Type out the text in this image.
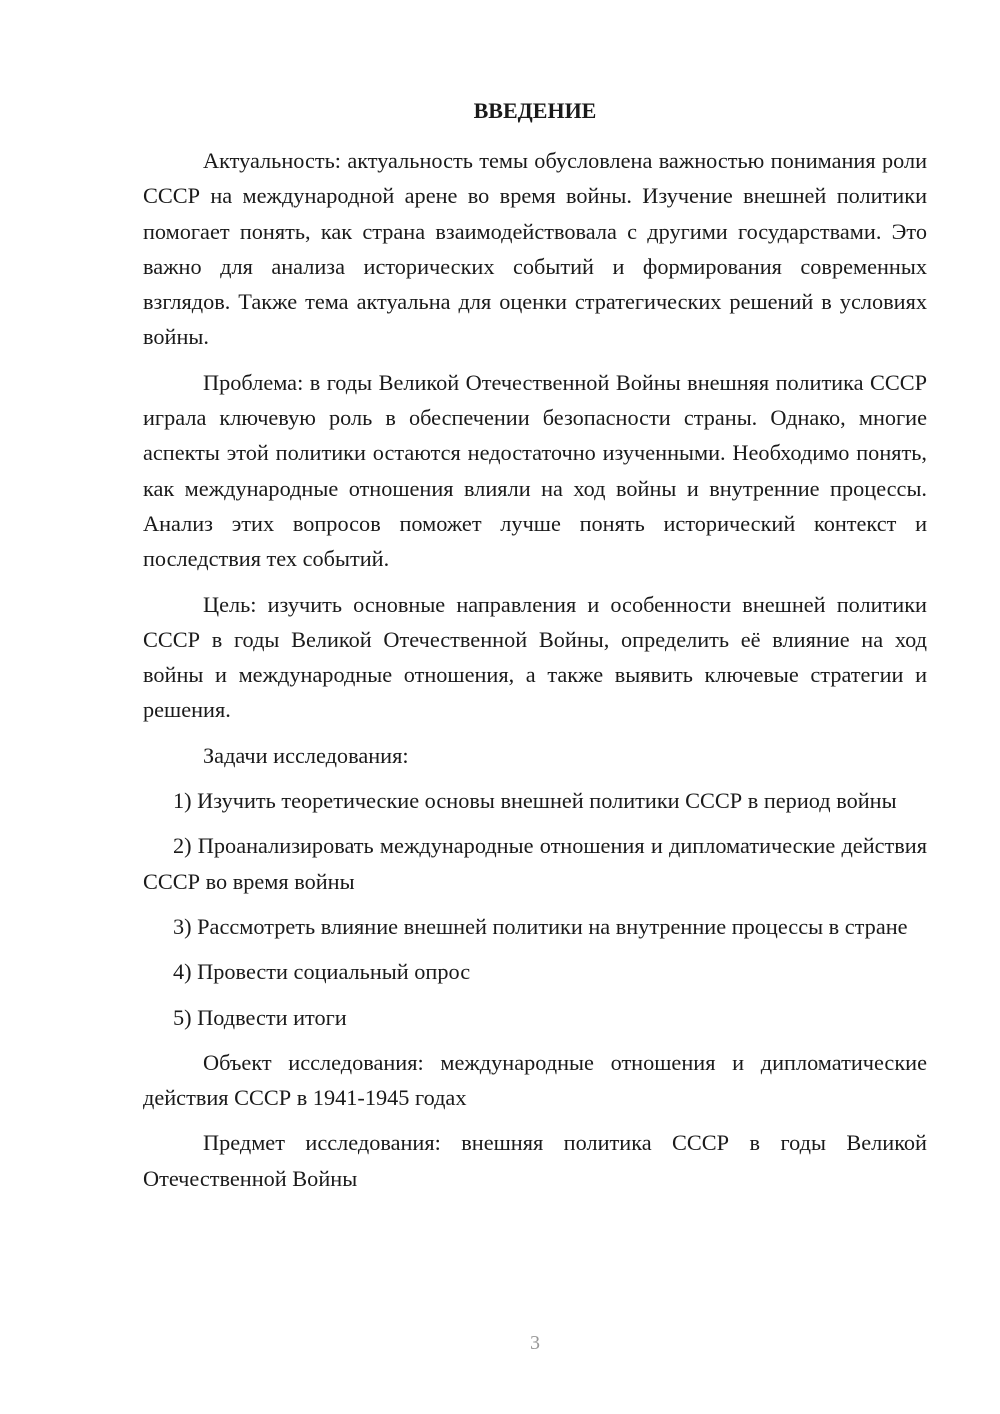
ВВЕДЕНИЕ

Актуальность: актуальность темы обусловлена важностью понимания роли СССР на международной арене во время войны. Изучение внешней политики помогает понять, как страна взаимодействовала с другими государствами. Это важно для анализа исторических событий и формирования современных взглядов. Также тема актуальна для оценки стратегических решений в условиях войны.

Проблема: в годы Великой Отечественной Войны внешняя политика СССР играла ключевую роль в обеспечении безопасности страны. Однако, многие аспекты этой политики остаются недостаточно изученными. Необходимо понять, как международные отношения влияли на ход войны и внутренние процессы. Анализ этих вопросов поможет лучше понять исторический контекст и последствия тех событий.

Цель: изучить основные направления и особенности внешней политики СССР в годы Великой Отечественной Войны, определить её влияние на ход войны и международные отношения, а также выявить ключевые стратегии и решения.

Задачи исследования:

1) Изучить теоретические основы внешней политики СССР в период войны

2) Проанализировать международные отношения и дипломатические действия СССР во время войны

3) Рассмотреть влияние внешней политики на внутренние процессы в стране

4) Провести социальный опрос

5) Подвести итоги

Объект исследования: международные отношения и дипломатические действия СССР в 1941-1945 годах

Предмет исследования: внешняя политика СССР в годы Великой Отечественной Войны

3
